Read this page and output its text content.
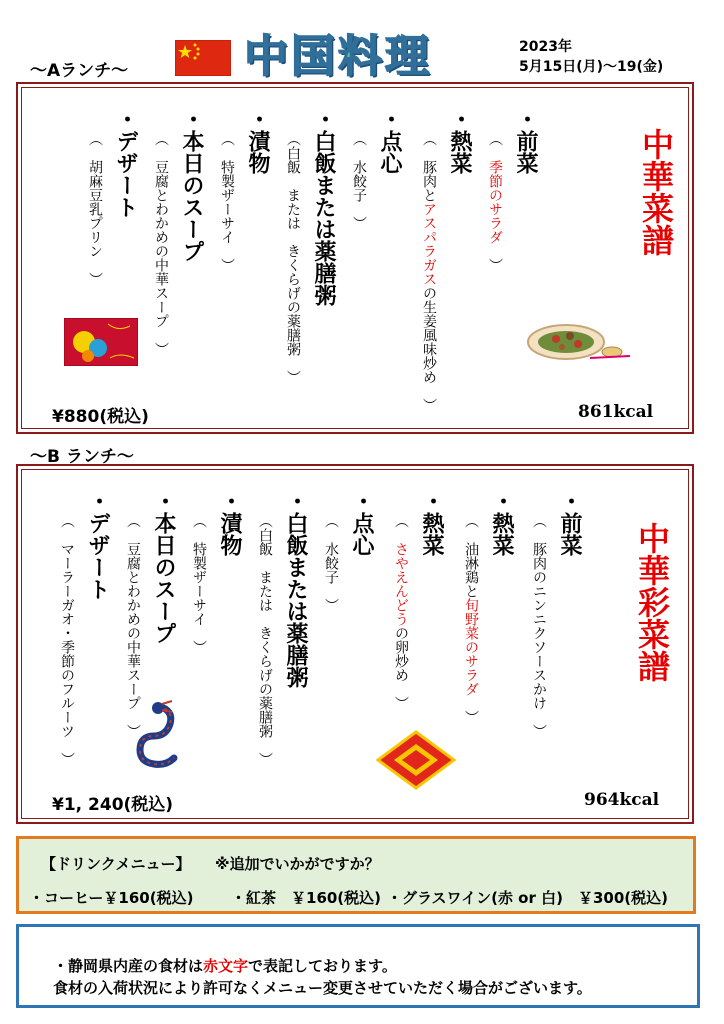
～Aランチ～	中国料理	2023年
5月15日(月)～19(金)
中華菜譜
・前菜
（　季節のサラダ　）
・熱菜
（　豚肉とアスパラガスの生姜風味炒め　）
・点心
（　水餃子　）
・白飯または薬膳粥
（白飯　または　きくらげの薬膳粥　）
・漬物
（　特製ザーサイ　）
・本日のスープ
（　豆腐とわかめの中華スープ　）
・デザート
（　胡麻豆乳プリン　）
¥880(税込)	861kcal
～B ランチ～
中華彩菜譜
・前菜
（　豚肉のニンニクソースかけ　）
・熱菜
（　油淋鶏と旬野菜のサラダ　）
・熱菜
（　さやえんどうの卵炒め　）
・点心
（　水餃子　）
・白飯または薬膳粥
（白飯　または　きくらげの薬膳粥　）
・漬物
（　特製ザーサイ　）
・本日のスープ
（　豆腐とわかめの中華スープ　）
・デザート
（　マーラーガオ・季節のフルーツ　）
¥1, 240(税込)	964kcal
【ドリンクメニュー】 ※追加でいかがですか？
・コーヒー￥160(税込)	・紅茶　￥160(税込) ・グラスワイン(赤 or 白)　￥300(税込)
・静岡県内産の食材は赤文字で表記しております。
食材の入荷状況により許可なくメニュー変更させていただく場合がございます。
